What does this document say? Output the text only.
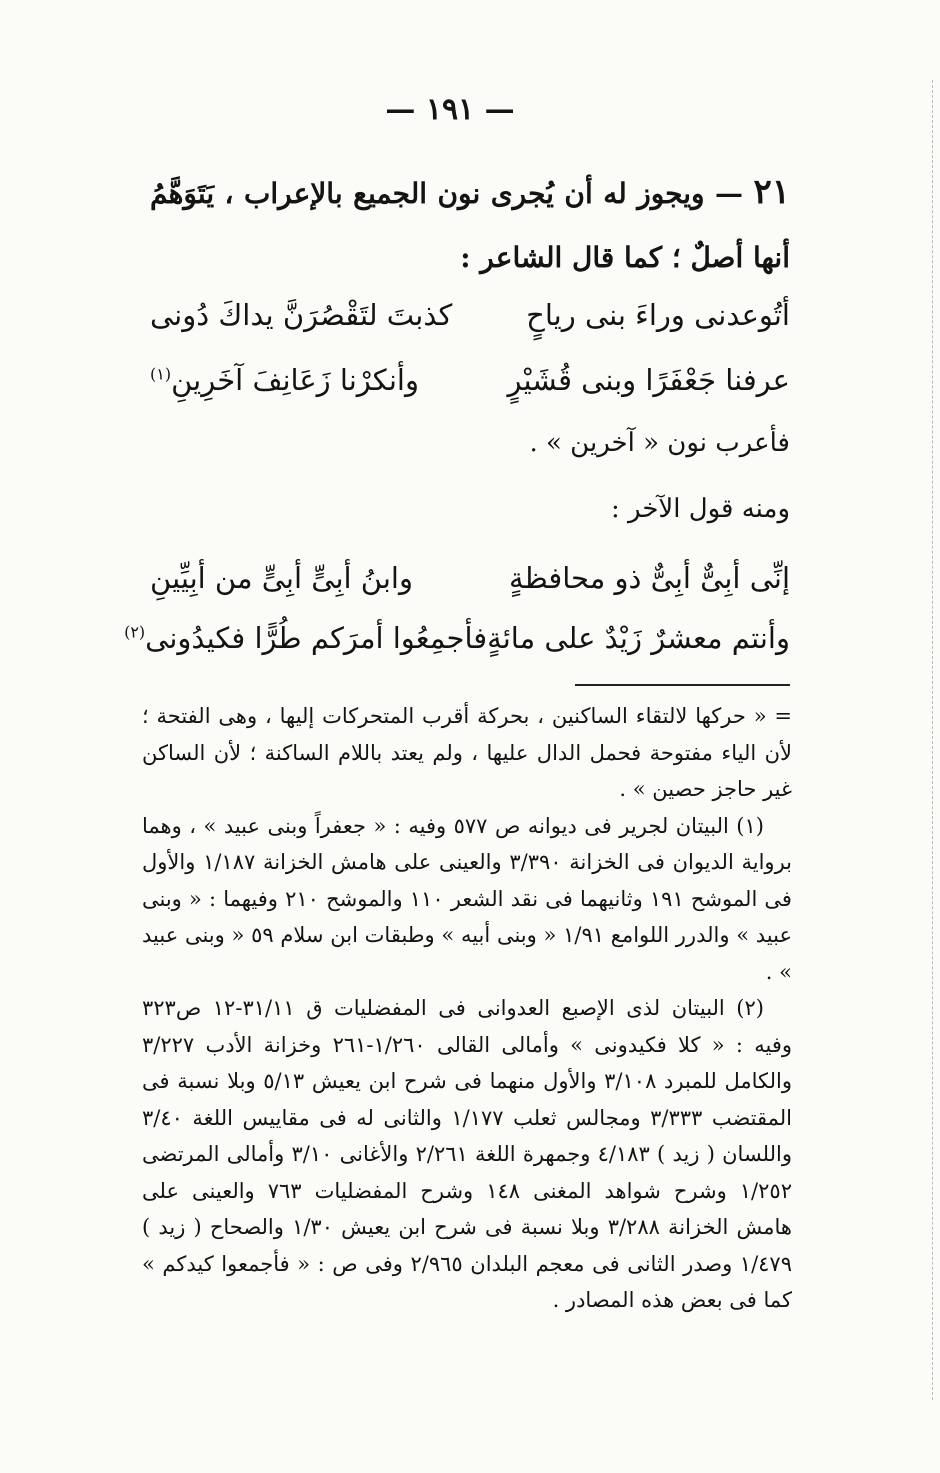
— ١٩١ —
٢١ — ويجوز له أن يُجرى نون الجميع بالإعراب ، يَتَوَهَّمُ أنها أصلٌ ؛ كما قال الشاعر :
أتُوعدنى وراءَ بنى رياحٍ
كذبتَ لتَقْصُرَنَّ يداكَ دُونى
عرفنا جَعْفَرًا وبنى قُشَيْرٍ
وأنكرْنا زَعَانِفَ آخَرِينِ$^{(١)}$
فأعرب نون « آخرين » .
ومنه قول الآخر :
إنِّى أبِىٌّ أبِىٌّ ذو محافظةٍ
وابنُ أبِىٍّ أبِىٍّ من أبِيِّينِ
وأنتم معشرٌ زَيْدٌ على مائةٍ
فأجمِعُوا أمرَكم طُرًّا فكيدُونى$^{(٢)}$

= « حركها لالتقاء الساكنين ، بحركة أقرب المتحركات إليها ، وهى الفتحة ؛ لأن الياء مفتوحة فحمل الدال عليها ، ولم يعتد باللام الساكنة ؛ لأن الساكن غير حاجز حصين » .

(١) البيتان لجرير فى ديوانه ص ٥٧٧ وفيه : « جعفراً وبنى عبيد » ، وهما برواية الديوان فى الخزانة ٣/٣٩٠ والعينى على هامش الخزانة ١/١٨٧ والأول فى الموشح ١٩١ وثانيهما فى نقد الشعر ١١٠ والموشح ٢١٠ وفيهما : « وبنى عبيد » والدرر اللوامع ١/٩١ « وبنى أبيه » وطبقات ابن سلام ٥٩ « وبنى عبيد » .

(٢) البيتان لذى الإصبع العدوانى فى المفضليات ق ٣١/١١-١٢ ص٣٢٣ وفيه : « كلا فكيدونى » وأمالى القالى ١/٢٦٠-٢٦١ وخزانة الأدب ٣/٢٢٧ والكامل للمبرد ٣/١٠٨ والأول منهما فى شرح ابن يعيش ٥/١٣ وبلا نسبة فى المقتضب ٣/٣٣٣ ومجالس ثعلب ١/١٧٧ والثانى له فى مقاييس اللغة ٣/٤٠ واللسان ( زيد ) ٤/١٨٣ وجمهرة اللغة ٢/٢٦١ والأغانى ٣/١٠ وأمالى المرتضى ١/٢٥٢ وشرح شواهد المغنى ١٤٨ وشرح المفضليات ٧٦٣ والعينى على هامش الخزانة ٣/٢٨٨ وبلا نسبة فى شرح ابن يعيش ١/٣٠ والصحاح ( زيد ) ١/٤٧٩ وصدر الثانى فى معجم البلدان ٢/٩٦٥ وفى ص : « فأجمعوا كيدكم » كما فى بعض هذه المصادر .
